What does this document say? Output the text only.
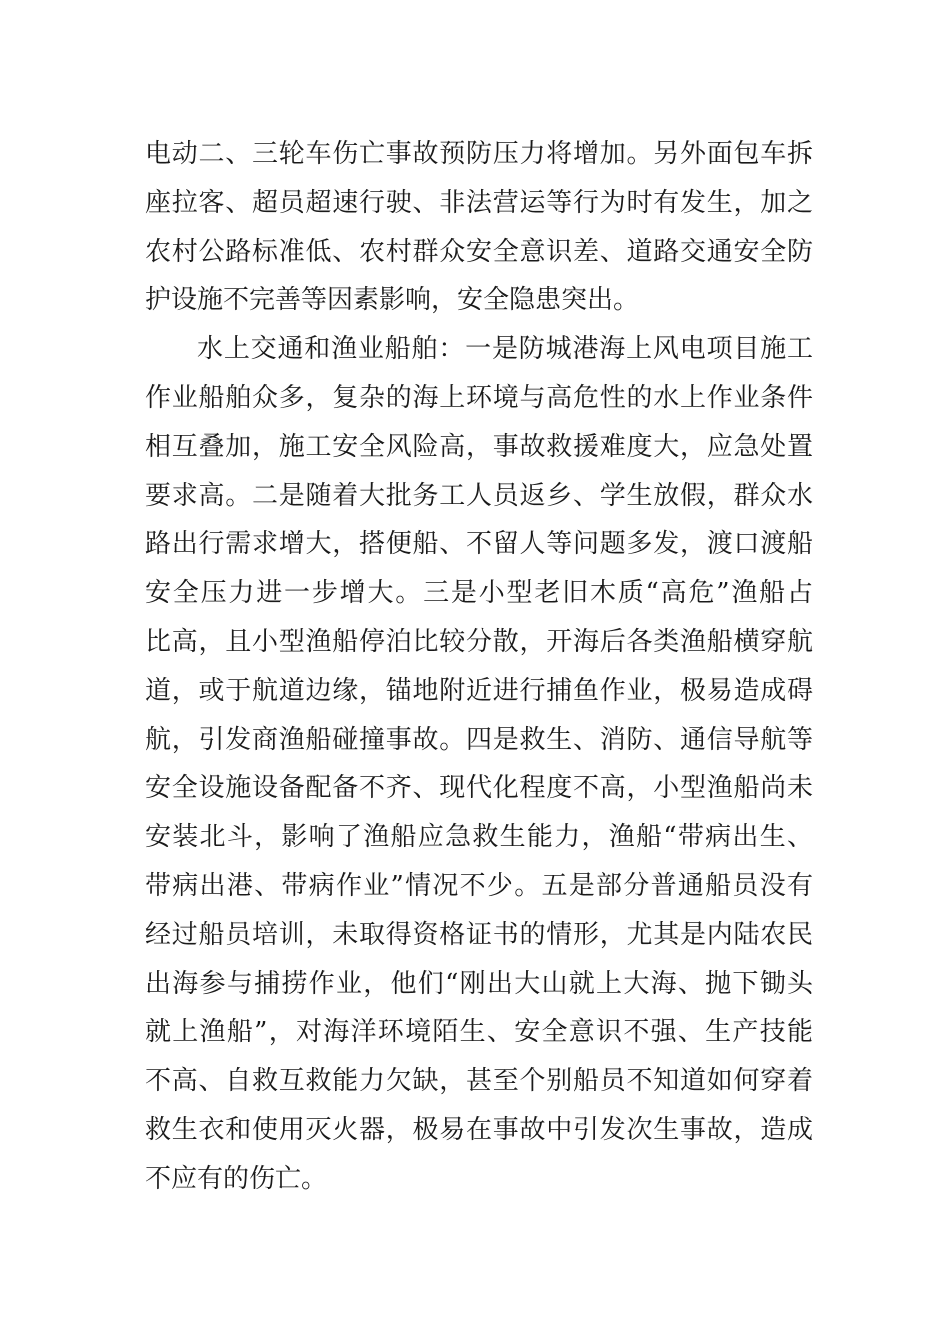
电动二、三轮车伤亡事故预防压力将增加。另外面包车拆
座拉客、超员超速行驶、非法营运等行为时有发生，加之
农村公路标准低、农村群众安全意识差、道路交通安全防
护设施不完善等因素影响，安全隐患突出。
水上交通和渔业船舶：一是防城港海上风电项目施工
作业船舶众多，复杂的海上环境与高危性的水上作业条件
相互叠加，施工安全风险高，事故救援难度大，应急处置
要求高。二是随着大批务工人员返乡、学生放假，群众水
路出行需求增大，搭便船、不留人等问题多发，渡口渡船
安全压力进一步增大。三是小型老旧木质“高危”渔船占
比高，且小型渔船停泊比较分散，开海后各类渔船横穿航
道，或于航道边缘，锚地附近进行捕鱼作业，极易造成碍
航，引发商渔船碰撞事故。四是救生、消防、通信导航等
安全设施设备配备不齐、现代化程度不高，小型渔船尚未
安装北斗，影响了渔船应急救生能力，渔船“带病出生、
带病出港、带病作业”情况不少。五是部分普通船员没有
经过船员培训，未取得资格证书的情形，尤其是内陆农民
出海参与捕捞作业，他们“刚出大山就上大海、抛下锄头
就上渔船”，对海洋环境陌生、安全意识不强、生产技能
不高、自救互救能力欠缺，甚至个别船员不知道如何穿着
救生衣和使用灭火器，极易在事故中引发次生事故，造成
不应有的伤亡。
